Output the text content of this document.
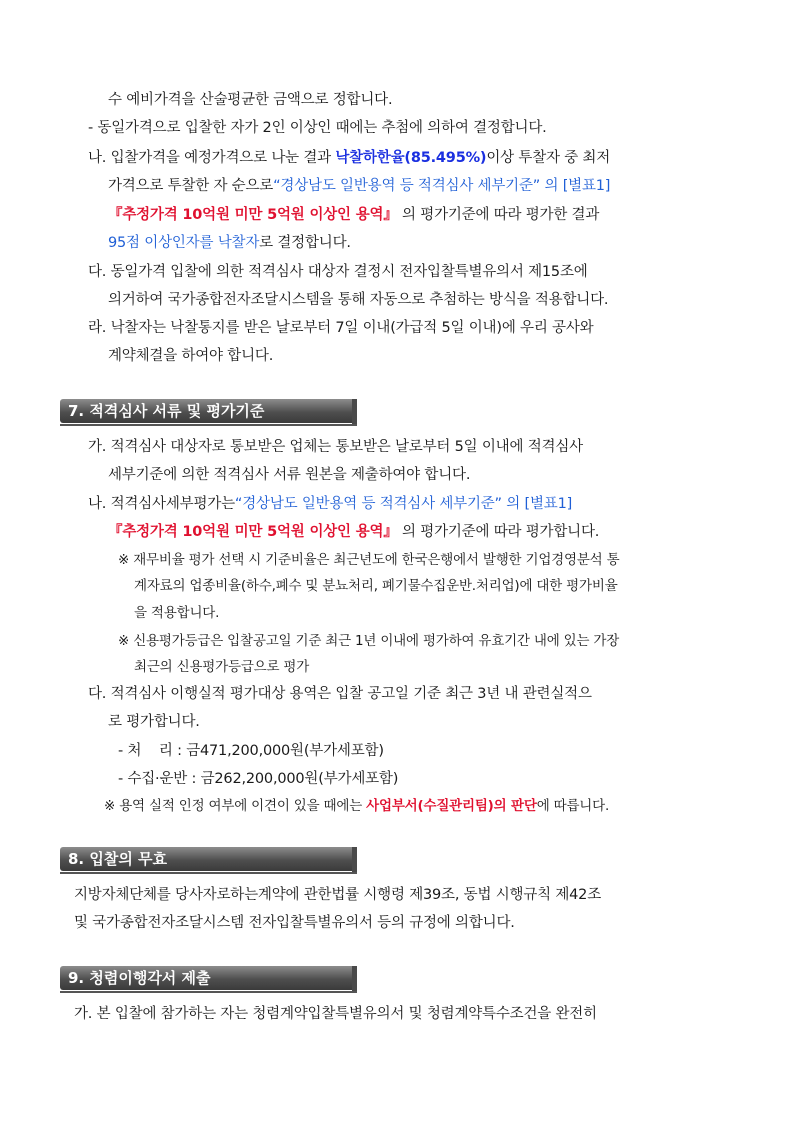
수 예비가격을 산술평균한 금액으로 정합니다.
- 동일가격으로 입찰한 자가 2인 이상인 때에는 추첨에 의하여 결정합니다.
나. 입찰가격을 예정가격으로 나눈 결과 낙찰하한율(85.495%)이상 투찰자 중 최저
가격으로 투찰한 자 순으로“경상남도 일반용역 등 적격심사 세부기준” 의 [별표1]
『추정가격 10억원 미만 5억원 이상인 용역』 의 평가기준에 따라 평가한 결과
95점 이상인자를 낙찰자로 결정합니다.
다. 동일가격 입찰에 의한 적격심사 대상자 결정시 전자입찰특별유의서 제15조에
의거하여 국가종합전자조달시스템을 통해 자동으로 추첨하는 방식을 적용합니다.
라. 낙찰자는 낙찰통지를 받은 날로부터 7일 이내(가급적 5일 이내)에 우리 공사와
계약체결을 하여야 합니다.
7. 적격심사 서류 및 평가기준
가. 적격심사 대상자로 통보받은 업체는 통보받은 날로부터 5일 이내에 적격심사
세부기준에 의한 적격심사 서류 원본을 제출하여야 합니다.
나. 적격심사세부평가는“경상남도 일반용역 등 적격심사 세부기준” 의 [별표1]
『추정가격 10억원 미만 5억원 이상인 용역』 의 평가기준에 따라 평가합니다.
※ 재무비율 평가 선택 시 기준비율은 최근년도에 한국은행에서 발행한 기업경영분석 통
계자료의 업종비율(하수,폐수 및 분뇨처리, 폐기물수집운반.처리업)에 대한 평가비율
을 적용합니다.
※ 신용평가등급은 입찰공고일 기준 최근 1년 이내에 평가하여 유효기간 내에 있는 가장
최근의 신용평가등급으로 평가
다. 적격심사 이행실적 평가대상 용역은 입찰 공고일 기준 최근 3년 내 관련실적으
로 평가합니다.
- 처    리 : 금471,200,000원(부가세포함)
- 수집·운반 : 금262,200,000원(부가세포함)
※ 용역 실적 인정 여부에 이견이 있을 때에는 사업부서(수질관리팀)의 판단에 따릅니다.
8. 입찰의 무효
지방자체단체를 당사자로하는계약에 관한법률 시행령 제39조, 동법 시행규칙 제42조
및 국가종합전자조달시스템 전자입찰특별유의서 등의 규정에 의합니다.
9. 청렴이행각서 제출
가. 본 입찰에 참가하는 자는 청렴계약입찰특별유의서 및 청렴계약특수조건을 완전히
